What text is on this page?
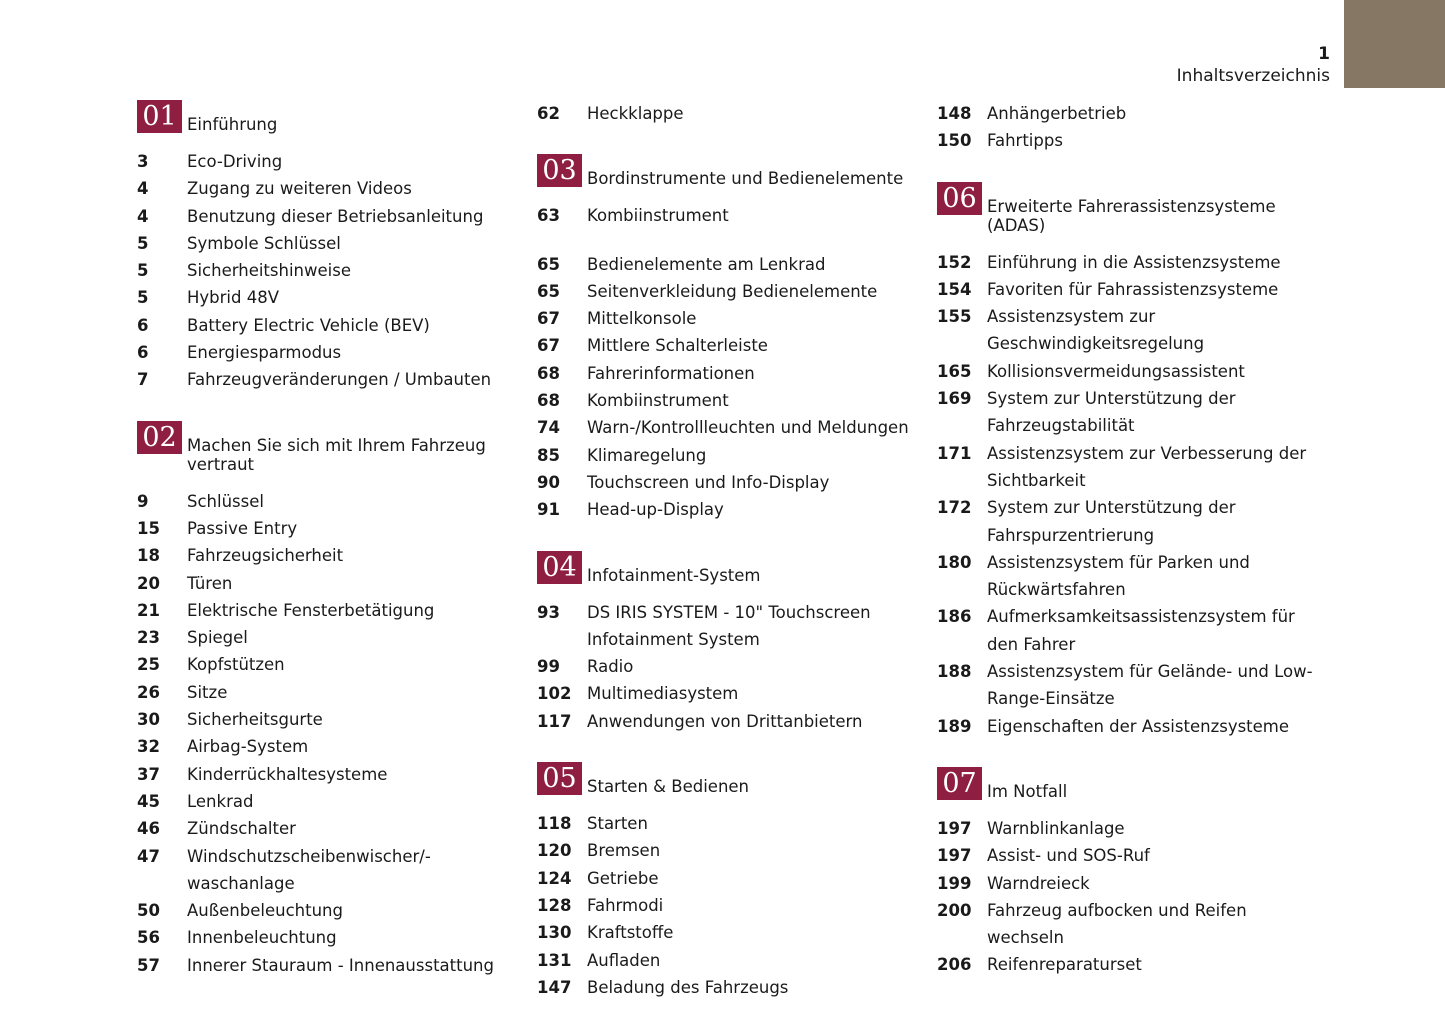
1
Inhaltsverzeichnis
01 Einführung
3	Eco-Driving
4	Zugang zu weiteren Videos
4	Benutzung dieser Betriebsanleitung
5	Symbole Schlüssel
5	Sicherheitshinweise
5	Hybrid 48V
6	Battery Electric Vehicle (BEV)
6	Energiesparmodus
7	Fahrzeugveränderungen / Umbauten
02 Machen Sie sich mit Ihrem Fahrzeug vertraut
9	Schlüssel
15	Passive Entry
18	Fahrzeugsicherheit
20	Türen
21	Elektrische Fensterbetätigung
23	Spiegel
25	Kopfstützen
26	Sitze
30	Sicherheitsgurte
32	Airbag-System
37	Kinderrückhaltesysteme
45	Lenkrad
46	Zündschalter
47	Windschutzscheibenwischer/-waschanlage
50	Außenbeleuchtung
56	Innenbeleuchtung
57	Innerer Stauraum - Innenausstattung
62	Heckklappe
03 Bordinstrumente und Bedienelemente
63	Kombiinstrument
65	Bedienelemente am Lenkrad
65	Seitenverkleidung Bedienelemente
67	Mittelkonsole
67	Mittlere Schalterleiste
68	Fahrerinformationen
68	Kombiinstrument
74	Warn-/Kontrollleuchten und Meldungen
85	Klimaregelung
90	Touchscreen und Info-Display
91	Head-up-Display
04 Infotainment-System
93	DS IRIS SYSTEM - 10" Touchscreen Infotainment System
99	Radio
102 Multimediasystem
117 Anwendungen von Drittanbietern
05 Starten & Bedienen
118 Starten
120 Bremsen
124 Getriebe
128 Fahrmodi
130 Kraftstoffe
131 Aufladen
147 Beladung des Fahrzeugs
148 Anhängerbetrieb
150 Fahrtipps
06 Erweiterte Fahrerassistenzsysteme (ADAS)
152 Einführung in die Assistenzsysteme
154 Favoriten für Fahrassistenzsysteme
155 Assistenzsystem zur Geschwindigkeitsregelung
165 Kollisionsvermeidungsassistent
169 System zur Unterstützung der Fahrzeugstabilität
171 Assistenzsystem zur Verbesserung der Sichtbarkeit
172 System zur Unterstützung der Fahrspurzentrierung
180 Assistenzsystem für Parken und Rückwärtsfahren
186 Aufmerksamkeitsassistenzsystem für den Fahrer
188 Assistenzsystem für Gelände- und Low-Range-Einsätze
189 Eigenschaften der Assistenzsysteme
07 Im Notfall
197 Warnblinkanlage
197 Assist- und SOS-Ruf
199 Warndreieck
200 Fahrzeug aufbocken und Reifen wechseln
206 Reifenreparaturset
